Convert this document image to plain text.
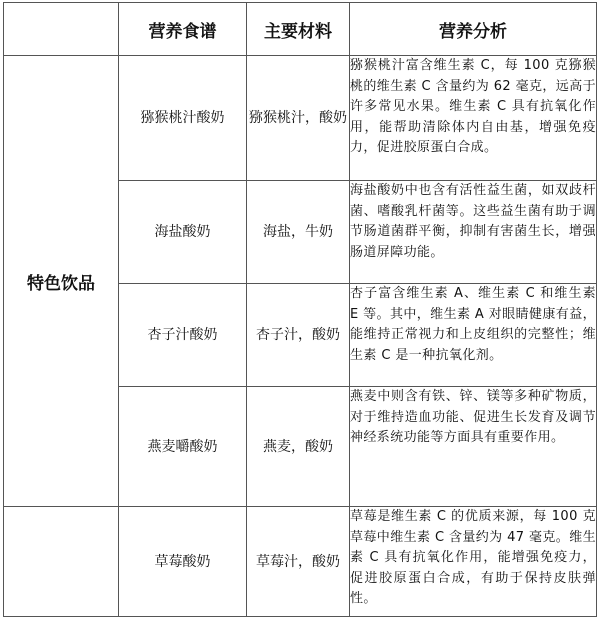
	营养食谱	主要材料	营养分析
特色饮品	猕猴桃汁酸奶	猕猴桃汁，酸奶	猕猴桃汁富含维生素 C，每 100 克猕猴桃的维生素 C 含量约为 62 毫克，远高于许多常见水果。维生素 C 具有抗氧化作用，能帮助清除体内自由基，增强免疫力，促进胶原蛋白合成。
	海盐酸奶	海盐，牛奶	海盐酸奶中也含有活性益生菌，如双歧杆菌、嗜酸乳杆菌等。这些益生菌有助于调节肠道菌群平衡，抑制有害菌生长，增强肠道屏障功能。
	杏子汁酸奶	杏子汁，酸奶	杏子富含维生素 A、维生素 C 和维生素 E 等。其中，维生素 A 对眼睛健康有益，能维持正常视力和上皮组织的完整性；维生素 C 是一种抗氧化剂。
	燕麦嚼酸奶	燕麦，酸奶	燕麦中则含有铁、锌、镁等多种矿物质，对于维持造血功能、促进生长发育及调节神经系统功能等方面具有重要作用。
	草莓酸奶	草莓汁，酸奶	草莓是维生素 C 的优质来源，每 100 克草莓中维生素 C 含量约为 47 毫克。维生素 C 具有抗氧化作用，能增强免疫力，促进胶原蛋白合成，有助于保持皮肤弹性。
